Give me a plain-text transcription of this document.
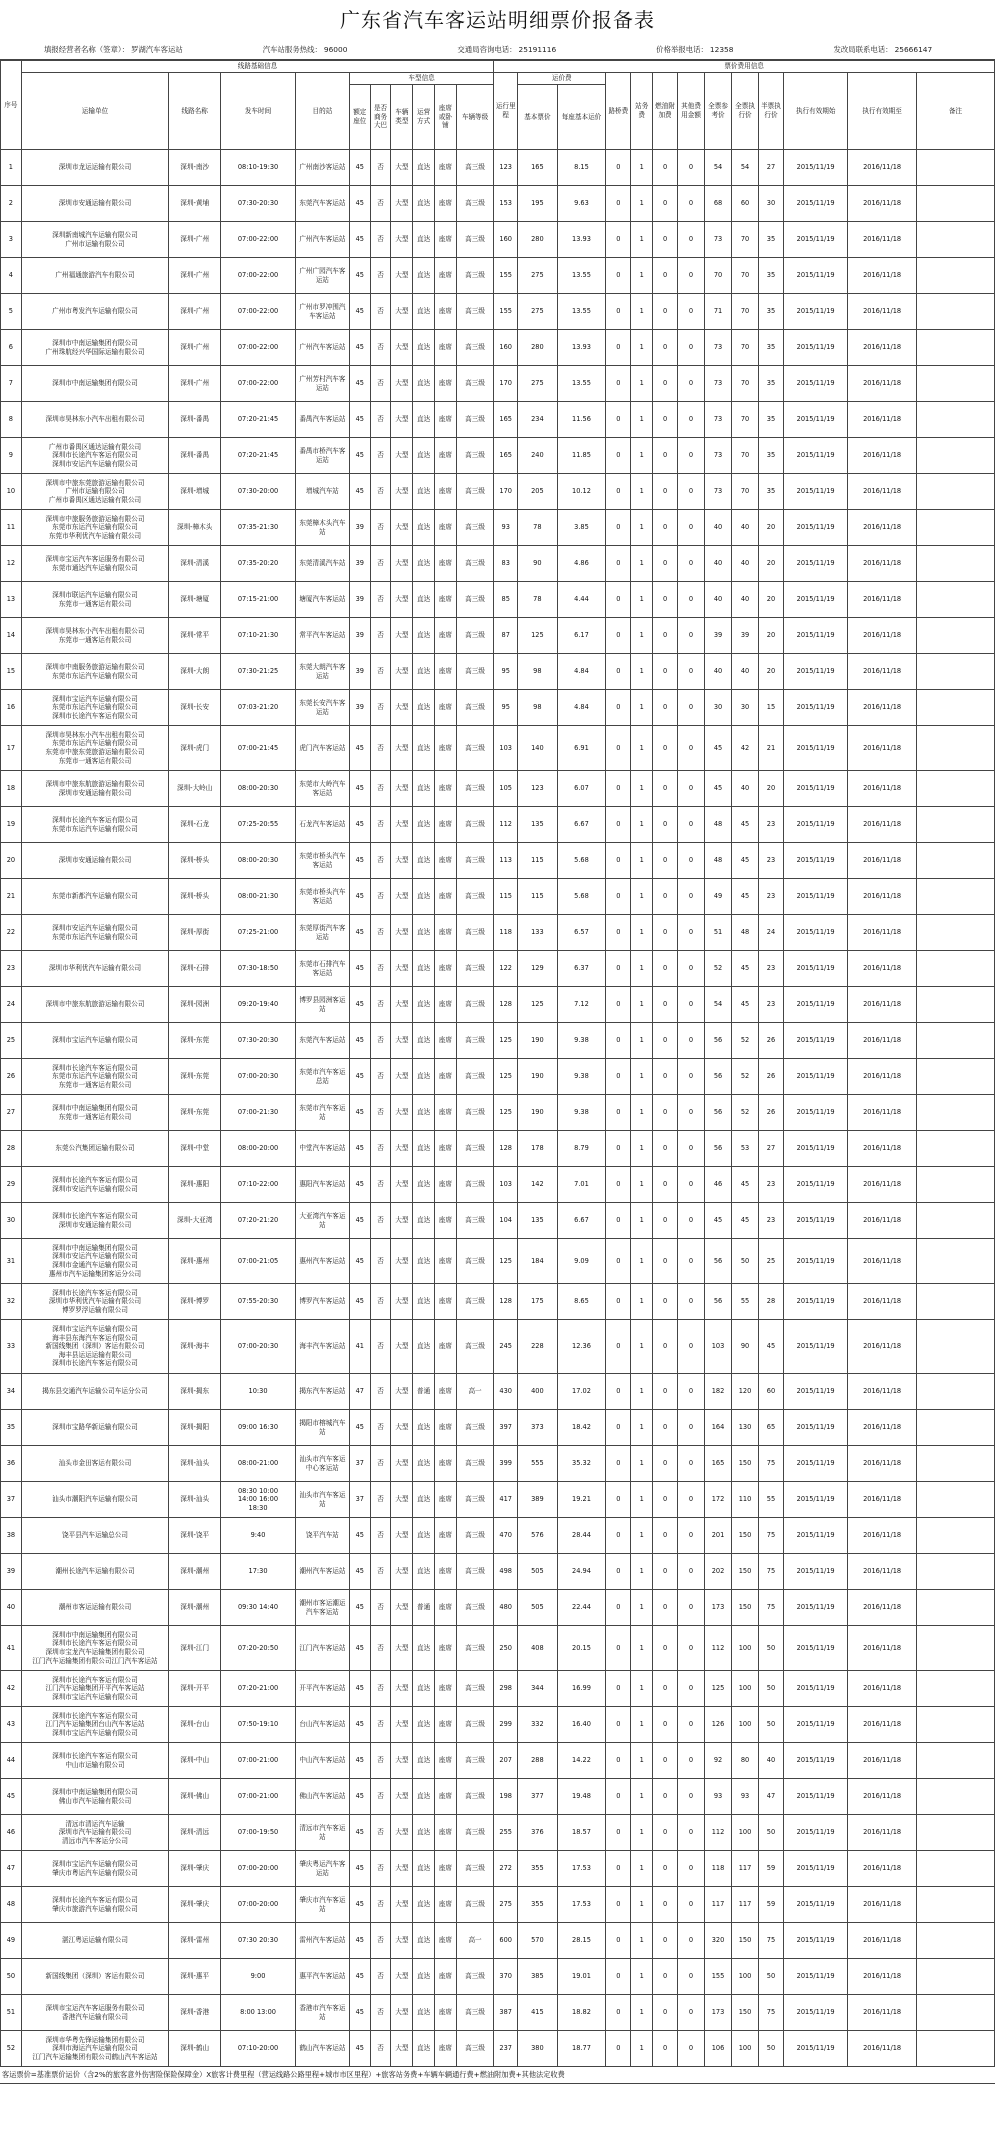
广东省汽车客运站明细票价报备表
填报经营者名称（签章）： 罗湖汽车客运站	汽车站服务热线： 96000	交通局咨询电话： 25191116	价格举报电话： 12358	发改局联系电话： 25666147
序号	线路基础信息										票价费用信息												
	运输单位	线路名称	发车时间	目的站	车型信息						运行里程	运价费		路桥费	站务费	燃油附加费	其他费用金额	全票参考价	全票执行价	半票执行价	执行有效期始	执行有效期至	备注
					额定座位	是否商务大巴	车辆类型	运营方式	座席或卧铺	车辆等级		基本票价	每座基本运价										
1	深圳市龙运运输有限公司	深圳-南沙	08:10-19:30	广州南沙客运站	45	否	大型	直达	座席	高三级	123	165	8.15	0	1	0	0	54	54	27	2015/11/19	2016/11/18	
2	深圳市安通运输有限公司	深圳-黄埔	07:30-20:30	东莞汽车客运站	45	否	大型	直达	座席	高三级	153	195	9.63	0	1	0	0	68	60	30	2015/11/19	2016/11/18	
3	深圳新南城汽车运输有限公司
广州市运输有限公司	深圳-广州	07:00-22:00	广州汽车客运站	45	否	大型	直达	座席	高三级	160	280	13.93	0	1	0	0	73	70	35	2015/11/19	2016/11/18	
4	广州福通旅游汽车有限公司	深圳-广州	07:00-22:00	广州广园汽车客运站	45	否	大型	直达	座席	高三级	155	275	13.55	0	1	0	0	70	70	35	2015/11/19	2016/11/18	
5	广州市粤发汽车运输有限公司	深圳-广州	07:00-22:00	广州市罗冲围汽车客运站	45	否	大型	直达	座席	高三级	155	275	13.55	0	1	0	0	71	70	35	2015/11/19	2016/11/18	
6	深圳市中南运输集团有限公司
广州珠航经兴华国际运输有限公司	深圳-广州	07:00-22:00	广州汽车客运站	45	否	大型	直达	座席	高三级	160	280	13.93	0	1	0	0	73	70	35	2015/11/19	2016/11/18	
7	深圳市中南运输集团有限公司	深圳-广州	07:00-22:00	广州芳村汽车客运站	45	否	大型	直达	座席	高三级	170	275	13.55	0	1	0	0	73	70	35	2015/11/19	2016/11/18	
8	深圳市昊林东小汽车出租有限公司	深圳-番禺	07:20-21:45	番禺汽车客运站	45	否	大型	直达	座席	高三级	165	234	11.56	0	1	0	0	73	70	35	2015/11/19	2016/11/18	
9	广州市番禺区通达运输有限公司
深圳市长途汽车客运有限公司
深圳市安运汽车运输有限公司	深圳-番禺	07:20-21:45	番禺市桥汽车客运站	45	否	大型	直达	座席	高三级	165	240	11.85	0	1	0	0	73	70	35	2015/11/19	2016/11/18	
10	深圳市中旅东莞旅游运输有限公司
广州市运输有限公司
广州市番禺区通达运输有限公司	深圳-增城	07:30-20:00	增城汽车站	45	否	大型	直达	座席	高三级	170	205	10.12	0	1	0	0	73	70	35	2015/11/19	2016/11/18	
11	深圳市中旅服务旅游运输有限公司
东莞市东运汽车运输有限公司
东莞市华利优汽车运输有限公司	深圳-樟木头	07:35-21:30	东莞樟木头汽车站	39	否	大型	直达	座席	高三级	93	78	3.85	0	1	0	0	40	40	20	2015/11/19	2016/11/18	
12	深圳市宝运汽车客运服务有限公司
东莞市通达汽车运输有限公司	深圳-清溪	07:35-20:20	东莞清溪汽车站	39	否	大型	直达	座席	高三级	83	90	4.86	0	1	0	0	40	40	20	2015/11/19	2016/11/18	
13	深圳市联运汽车运输有限公司
东莞市一通客运有限公司	深圳-塘厦	07:15-21:00	塘厦汽车客运站	39	否	大型	直达	座席	高三级	85	78	4.44	0	1	0	0	40	40	20	2015/11/19	2016/11/18	
14	深圳市昊林东小汽车出租有限公司
东莞市一通客运有限公司	深圳-常平	07:10-21:30	常平汽车客运站	39	否	大型	直达	座席	高三级	87	125	6.17	0	1	0	0	39	39	20	2015/11/19	2016/11/18	
15	深圳市中南服务旅游运输有限公司
东莞市东运汽车运输有限公司	深圳-大朗	07:30-21:25	东莞大朗汽车客运站	39	否	大型	直达	座席	高三级	95	98	4.84	0	1	0	0	40	40	20	2015/11/19	2016/11/18	
16	深圳市宝运汽车运输有限公司
东莞市东运汽车运输有限公司
深圳市长途汽车客运有限公司	深圳-长安	07:03-21:20	东莞长安汽车客运站	39	否	大型	直达	座席	高三级	95	98	4.84	0	1	0	0	30	30	15	2015/11/19	2016/11/18	
17	深圳市昊林东小汽车出租有限公司
东莞市东运汽车运输有限公司
东莞市中旅东莞旅游运输有限公司
东莞市一通客运有限公司	深圳-虎门	07:00-21:45	虎门汽车客运站	45	否	大型	直达	座席	高三级	103	140	6.91	0	1	0	0	45	42	21	2015/11/19	2016/11/18	
18	深圳市中旅东航旅游运输有限公司
深圳市安通运输有限公司	深圳-大岭山	08:00-20:30	东莞市大岭汽车客运站	45	否	大型	直达	座席	高三级	105	123	6.07	0	1	0	0	45	40	20	2015/11/19	2016/11/18	
19	深圳市长途汽车客运有限公司
东莞市东运汽车运输有限公司	深圳-石龙	07:25-20:55	石龙汽车客运站	45	否	大型	直达	座席	高三级	112	135	6.67	0	1	0	0	48	45	23	2015/11/19	2016/11/18	
20	深圳市安通运输有限公司	深圳-桥头	08:00-20:30	东莞市桥头汽车客运站	45	否	大型	直达	座席	高三级	113	115	5.68	0	1	0	0	48	45	23	2015/11/19	2016/11/18	
21	东莞市新都汽车运输有限公司	深圳-桥头	08:00-21:30	东莞市桥头汽车客运站	45	否	大型	直达	座席	高三级	115	115	5.68	0	1	0	0	49	45	23	2015/11/19	2016/11/18	
22	深圳市安运汽车运输有限公司
东莞市东运汽车运输有限公司	深圳-厚街	07:25-21:00	东莞厚街汽车客运站	45	否	大型	直达	座席	高三级	118	133	6.57	0	1	0	0	51	48	24	2015/11/19	2016/11/18	
23	深圳市华利优汽车运输有限公司	深圳-石排	07:30-18:50	东莞市石排汽车客运站	45	否	大型	直达	座席	高三级	122	129	6.37	0	1	0	0	52	45	23	2015/11/19	2016/11/18	
24	深圳市中旅东航旅游运输有限公司	深圳-园洲	09:20-19:40	博罗县园洲客运站	45	否	大型	直达	座席	高三级	128	125	7.12	0	1	0	0	54	45	23	2015/11/19	2016/11/18	
25	深圳市宝运汽车运输有限公司	深圳-东莞	07:30-20:30	东莞汽车客运站	45	否	大型	直达	座席	高三级	125	190	9.38	0	1	0	0	56	52	26	2015/11/19	2016/11/18	
26	深圳市长途汽车客运有限公司
东莞市东运汽车运输有限公司
东莞市一通客运有限公司	深圳-东莞	07:00-20:30	东莞市汽车客运总站	45	否	大型	直达	座席	高三级	125	190	9.38	0	1	0	0	56	52	26	2015/11/19	2016/11/18	
27	深圳市中南运输集团有限公司
东莞市一通客运有限公司	深圳-东莞	07:00-21:30	东莞市汽车客运站	45	否	大型	直达	座席	高三级	125	190	9.38	0	1	0	0	56	52	26	2015/11/19	2016/11/18	
28	东莞公汽集团运输有限公司	深圳-中堂	08:00-20:00	中堂汽车客运站	45	否	大型	直达	座席	高三级	128	178	8.79	0	1	0	0	56	53	27	2015/11/19	2016/11/18	
29	深圳市长途汽车客运有限公司
深圳市安运汽车运输有限公司	深圳-惠阳	07:10-22:00	惠阳汽车客运站	45	否	大型	直达	座席	高三级	103	142	7.01	0	1	0	0	46	45	23	2015/11/19	2016/11/18	
30	深圳市长途汽车客运有限公司
深圳市安通运输有限公司	深圳-大亚湾	07:20-21:20	大亚湾汽车客运站	45	否	大型	直达	座席	高三级	104	135	6.67	0	1	0	0	45	45	23	2015/11/19	2016/11/18	
31	深圳市中南运输集团有限公司
深圳市安运汽车运输有限公司
深圳市金通汽车运输有限公司
惠州市汽车运输集团客运分公司	深圳-惠州	07:00-21:05	惠州汽车客运站	45	否	大型	直达	座席	高三级	125	184	9.09	0	1	0	0	56	50	25	2015/11/19	2016/11/18	
32	深圳市长途汽车客运有限公司
深圳市华利优汽车运输有限公司
博罗罗浮运输有限公司	深圳-博罗	07:55-20:30	博罗汽车客运站	45	否	大型	直达	座席	高三级	128	175	8.65	0	1	0	0	56	55	28	2015/11/19	2016/11/18	
33	深圳市宝运汽车运输有限公司
海丰县东海汽车客运有限公司
新国线集团（深圳）客运有限公司
海丰县运运运输有限公司
深圳市长途汽车客运有限公司	深圳-海丰	07:00-20:30	海丰汽车客运站	41	否	大型	直达	座席	高三级	245	228	12.36	0	1	0	0	103	90	45	2015/11/19	2016/11/18	
34	揭东县交通汽车运输公司车运分公司	深圳-揭东	10:30	揭东汽车客运站	47	否	大型	普通	座席	高一	430	400	17.02	0	1	0	0	182	120	60	2015/11/19	2016/11/18	
35	深圳市宝路华新运输有限公司	深圳-揭阳	09:00 16:30	揭阳市榕城汽车站	45	否	大型	直达	座席	高三级	397	373	18.42	0	1	0	0	164	130	65	2015/11/19	2016/11/18	
36	汕头市金田客运有限公司	深圳-汕头	08:00-21:00	汕头市汽车客运中心客运站	37	否	大型	直达	座席	高三级	399	555	35.32	0	1	0	0	165	150	75	2015/11/19	2016/11/18	
37	汕头市潮阳汽车运输有限公司	深圳-汕头	08:30 10:00
14:00 16:00
18:30	汕头市汽车客运站	37	否	大型	直达	座席	高三级	417	389	19.21	0	1	0	0	172	110	55	2015/11/19	2016/11/18	
38	饶平县汽车运输总公司	深圳-饶平	9:40	饶平汽车站	45	否	大型	直达	座席	高三级	470	576	28.44	0	1	0	0	201	150	75	2015/11/19	2016/11/18	
39	潮州长途汽车运输有限公司	深圳-潮州	17:30	潮州汽车客运站	45	否	大型	直达	座席	高三级	498	505	24.94	0	1	0	0	202	150	75	2015/11/19	2016/11/18	
40	潮州市客运运输有限公司	深圳-潮州	09:30 14:40	潮州市客运潮运汽车客运站	45	否	大型	普通	座席	高三级	480	505	22.44	0	1	0	0	173	150	75	2015/11/19	2016/11/18	
41	深圳市中南运输集团有限公司
深圳市长途汽车客运有限公司
深圳市宝龙汽车运输集团有限公司
江门汽车运输集团有限公司江门汽车客运站	深圳-江门	07:20-20:50	江门汽车客运站	45	否	大型	直达	座席	高三级	250	408	20.15	0	1	0	0	112	100	50	2015/11/19	2016/11/18	
42	深圳市长途汽车客运有限公司
江门汽车运输集团开平汽车客运站
深圳市宝运汽车运输有限公司	深圳-开平	07:20-21:00	开平汽车客运站	45	否	大型	直达	座席	高三级	298	344	16.99	0	1	0	0	125	100	50	2015/11/19	2016/11/18	
43	深圳市长途汽车客运有限公司
江门汽车运输集团台山汽车客运站
深圳市宝运汽车运输有限公司	深圳-台山	07:50-19:10	台山汽车客运站	45	否	大型	直达	座席	高三级	299	332	16.40	0	1	0	0	126	100	50	2015/11/19	2016/11/18	
44	深圳市长途汽车客运有限公司
中山市运输有限公司	深圳-中山	07:00-21:00	中山汽车客运站	45	否	大型	直达	座席	高三级	207	288	14.22	0	1	0	0	92	80	40	2015/11/19	2016/11/18	
45	深圳市中南运输集团有限公司
佛山市汽车运输有限公司	深圳-佛山	07:00-21:00	佛山汽车客运站	45	否	大型	直达	座席	高三级	198	377	19.48	0	1	0	0	93	93	47	2015/11/19	2016/11/18	
46	清远市清运汽车运输
深圳市汽车运输有限公司
清远市汽车客运分公司	深圳-清远	07:00-19:50	清远市汽车客运站	45	否	大型	直达	座席	高三级	255	376	18.57	0	1	0	0	112	100	50	2015/11/19	2016/11/18	
47	深圳市宝运汽车运输有限公司
肇庆市粤运汽车运输有限公司	深圳-肇庆	07:00-20:00	肇庆粤运汽车客运站	45	否	大型	直达	座席	高三级	272	355	17.53	0	1	0	0	118	117	59	2015/11/19	2016/11/18	
48	深圳市长途汽车客运有限公司
肇庆市旅游汽车运输有限公司	深圳-肇庆	07:00-20:00	肇庆市汽车客运站	45	否	大型	直达	座席	高三级	275	355	17.53	0	1	0	0	117	117	59	2015/11/19	2016/11/18	
49	湛江粤运运输有限公司	深圳-雷州	07:30 20:30	雷州汽车客运站	45	否	大型	直达	座席	高一	600	570	28.15	0	1	0	0	320	150	75	2015/11/19	2016/11/18	
50	新国线集团（深圳）客运有限公司	深圳-惠平	9:00	惠平汽车客运站	45	否	大型	直达	座席	高三级	370	385	19.01	0	1	0	0	155	100	50	2015/11/19	2016/11/18	
51	深圳市宝运汽车客运服务有限公司
香港汽车运输有限公司	深圳-香港	8:00 13:00	香港市汽车客运站	45	否	大型	直达	座席	高三级	387	415	18.82	0	1	0	0	173	150	75	2015/11/19	2016/11/18	
52	深圳市华粤先锋运输集团有限公司
深圳市海运汽车运输有限公司
江门汽车运输集团有限公司鹤山汽车客运站	深圳-鹤山	07:10-20:00	鹤山汽车客运站	45	否	大型	直达	座席	高三级	237	380	18.77	0	1	0	0	106	100	50	2015/11/19	2016/11/18	
客运票价=基准票价运价（含2%的旅客意外伤害险保险保障金）X旅客计费里程（营运线路公路里程+城市市区里程）+旅客站务费+车辆车辆通行费+燃油附加费+其他法定收费
